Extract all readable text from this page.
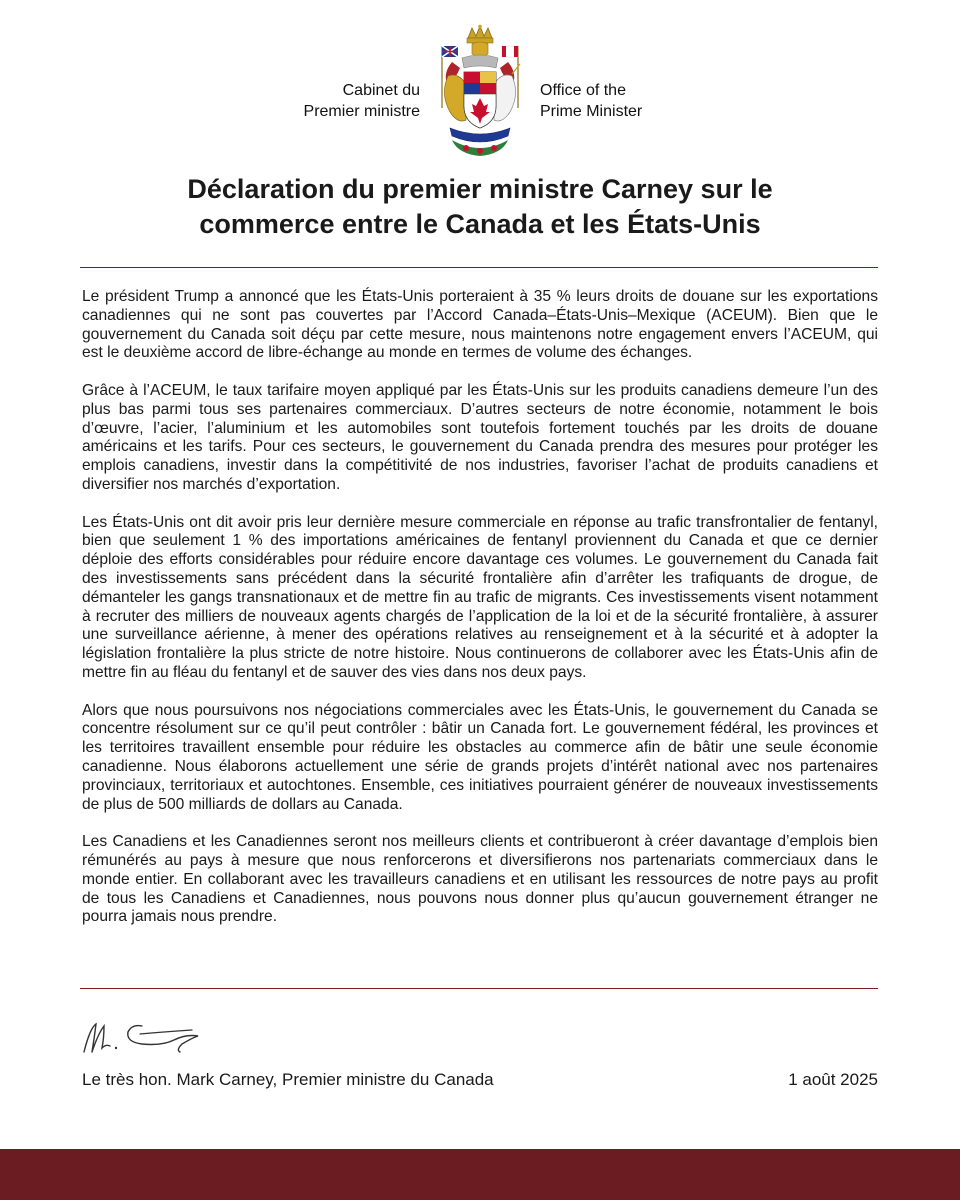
Cabinet du
Premier ministre
Office of the
Prime Minister
Déclaration du premier ministre Carney sur le
commerce entre le Canada et les États-Unis

Le président Trump a annoncé que les États-Unis porteraient à 35 % leurs droits de douane sur les exportations canadiennes qui ne sont pas couvertes par l’Accord Canada–États-Unis–Mexique (ACEUM). Bien que le gouvernement du Canada soit déçu par cette mesure, nous maintenons notre engagement envers l’ACEUM, qui est le deuxième accord de libre-échange au monde en termes de volume des échanges.

Grâce à l’ACEUM, le taux tarifaire moyen appliqué par les États-Unis sur les produits canadiens demeure l’un des plus bas parmi tous ses partenaires commerciaux. D’autres secteurs de notre économie, notamment le bois d’œuvre, l’acier, l’aluminium et les automobiles sont toutefois fortement touchés par les droits de douane américains et les tarifs. Pour ces secteurs, le gouvernement du Canada prendra des mesures pour protéger les emplois canadiens, investir dans la compétitivité de nos industries, favoriser l’achat de produits canadiens et diversifier nos marchés d’exportation.

Les États-Unis ont dit avoir pris leur dernière mesure commerciale en réponse au trafic transfrontalier de fentanyl, bien que seulement 1 % des importations américaines de fentanyl proviennent du Canada et que ce dernier déploie des efforts considérables pour réduire encore davantage ces volumes. Le gouvernement du Canada fait des investissements sans précédent dans la sécurité frontalière afin d’arrêter les trafiquants de drogue, de démanteler les gangs transnationaux et de mettre fin au trafic de migrants. Ces investissements visent notamment à recruter des milliers de nouveaux agents chargés de l’application de la loi et de la sécurité frontalière, à assurer une surveillance aérienne, à mener des opérations relatives au renseignement et à la sécurité et à adopter la législation frontalière la plus stricte de notre histoire. Nous continuerons de collaborer avec les États-Unis afin de mettre fin au fléau du fentanyl et de sauver des vies dans nos deux pays.

Alors que nous poursuivons nos négociations commerciales avec les États-Unis, le gouvernement du Canada se concentre résolument sur ce qu’il peut contrôler : bâtir un Canada fort. Le gouvernement fédéral, les provinces et les territoires travaillent ensemble pour réduire les obstacles au commerce afin de bâtir une seule économie canadienne. Nous élaborons actuellement une série de grands projets d’intérêt national avec nos partenaires provinciaux, territoriaux et autochtones. Ensemble, ces initiatives pourraient générer de nouveaux investissements de plus de 500 milliards de dollars au Canada.

Les Canadiens et les Canadiennes seront nos meilleurs clients et contribueront à créer davantage d’emplois bien rémunérés au pays à mesure que nous renforcerons et diversifierons nos partenariats commerciaux dans le monde entier. En collaborant avec les travailleurs canadiens et en utilisant les ressources de notre pays au profit de tous les Canadiens et Canadiennes, nous pouvons nous donner plus qu’aucun gouvernement étranger ne pourra jamais nous prendre.

Le très hon. Mark Carney, Premier ministre du Canada	1 août 2025
